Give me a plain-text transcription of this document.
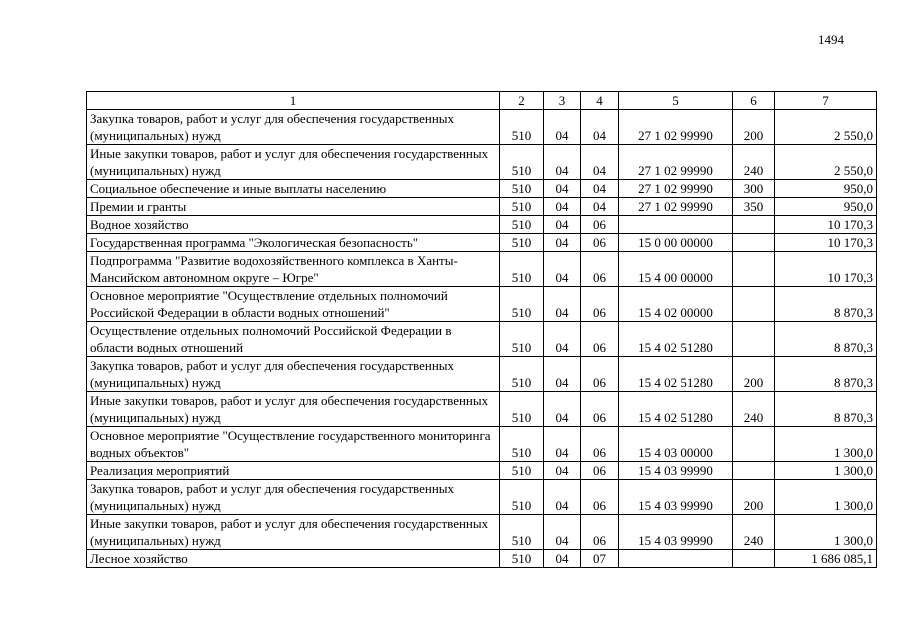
1494
1	2	3	4	5	6	7
Закупка товаров, работ и услуг для обеспечения государственных (муниципальных) нужд	510	04	04	27 1 02 99990	200	2 550,0
Иные закупки товаров, работ и услуг для обеспечения государственных (муниципальных) нужд	510	04	04	27 1 02 99990	240	2 550,0
Социальное обеспечение и иные выплаты населению	510	04	04	27 1 02 99990	300	950,0
Премии и гранты	510	04	04	27 1 02 99990	350	950,0
Водное хозяйство	510	04	06			10 170,3
Государственная программа "Экологическая безопасность"	510	04	06	15 0 00 00000		10 170,3
Подпрограмма "Развитие водохозяйственного комплекса в Ханты-Мансийском автономном округе – Югре"	510	04	06	15 4 00 00000		10 170,3
Основное мероприятие "Осуществление отдельных полномочий Российской Федерации в области водных отношений"	510	04	06	15 4 02 00000		8 870,3
Осуществление отдельных полномочий Российской Федерации в области водных отношений	510	04	06	15 4 02 51280		8 870,3
Закупка товаров, работ и услуг для обеспечения государственных (муниципальных) нужд	510	04	06	15 4 02 51280	200	8 870,3
Иные закупки товаров, работ и услуг для обеспечения государственных (муниципальных) нужд	510	04	06	15 4 02 51280	240	8 870,3
Основное мероприятие "Осуществление государственного мониторинга водных объектов"	510	04	06	15 4 03 00000		1 300,0
Реализация мероприятий	510	04	06	15 4 03 99990		1 300,0
Закупка товаров, работ и услуг для обеспечения государственных (муниципальных) нужд	510	04	06	15 4 03 99990	200	1 300,0
Иные закупки товаров, работ и услуг для обеспечения государственных (муниципальных) нужд	510	04	06	15 4 03 99990	240	1 300,0
Лесное хозяйство	510	04	07			1 686 085,1
